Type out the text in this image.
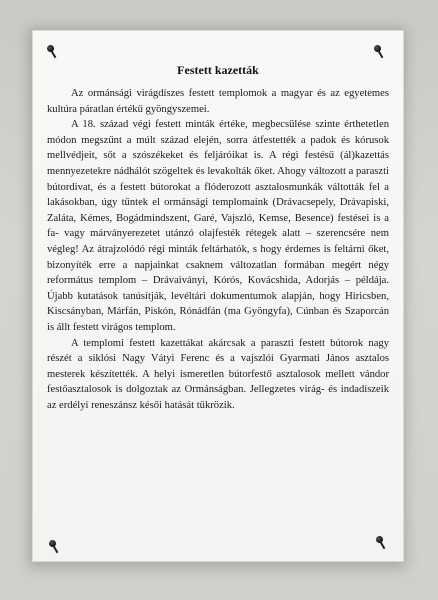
Festett kazetták

Az ormánsági virágdíszes festett templomok a magyar és az egyetemes kultúra páratlan értékű gyöngyszemei.

A 18. század végi festett minták értéke, megbecsülése szinte érthetetlen módon megszűnt a múlt század elején, sorra átfestették a padok és kórusok mellvédjeit, sőt a szószékeket és feljáróikat is. A régi festésű (ál)kazettás mennyezetekre nádhálót szögeltek és levakolták őket. Ahogy változott a paraszti bútordivat, és a festett bútorokat a flóderozott asztalosmunkák váltották fel a lakásokban, úgy tűntek el ormánsági templomaink (Drávacsepely, Drávapiski, Zaláta, Kémes, Bogádmindszent, Garé, Vajszló, Kemse, Besence) festései is a fa- vagy márványerezetet utánzó olajfesték rétegek alatt – szerencsére nem végleg! Az átrajzolódó régi minták feltárhatók, s hogy érdemes is feltárni őket, bizonyíték erre a napjainkat csaknem változatlan formában megért négy református templom – Drávaiványi, Kórós, Kovácshida, Adorjás – példája. Újabb kutatások tanúsítják, levéltári dokumentumok alapján, hogy Hiricsben, Kiscsányban, Márfán, Piskón, Rónádfán (ma Gyöngyfa), Cúnban és Szaporcán is állt festett virágos templom.

A templomi festett kazettákat akárcsak a paraszti festett bútorok nagy részét a siklósi Nagy Vátyi Ferenc és a vajszlói Gyarmati János asztalos mesterek készítették. A helyi ismeretlen bútorfestő asztalosok mellett vándor festőasztalosok is dolgoztak az Ormánságban. Jellegzetes virág- és indadíszeik az erdélyi reneszánsz késői hatását tükrözik.
